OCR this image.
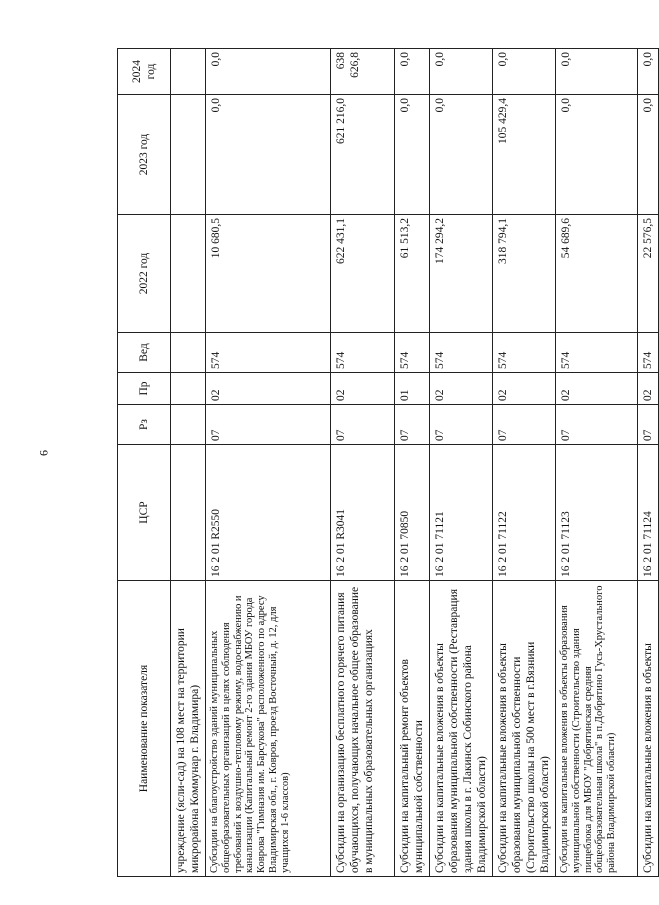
6
Наименование показателя	ЦСР	Рз	Пр	Вед	2022 год	2023 год	2024 год
учреждение (ясли-сад) на 108 мест на территории микрорайона Коммунар г. Владимира)							
Субсидии на благоустройство зданий муниципальных общеобразовательных организаций в целях соблюдения требований к воздушно-тепловому режиму, водоснабжению и канализации (Капитальный ремонт 2-го здания МБОУ города Коврова "Гимназия им. Барсукова" расположенного по адресу Владимирская обл., г. Ковров, проезд Восточный, д. 12, для учащихся 1-6 классов)	16 2 01 R2550	07	02	574	10 680,5	0,0	0,0
Субсидии на организацию бесплатного горячего питания обучающихся, получающих начальное общее образование в муниципальных образовательных организациях	16 2 01 R3041	07	02	574	622 431,1	621 216,0	638 626,8
Субсидии на капитальный ремонт объектов муниципальной собственности	16 2 01 70850	07	01	574	61 513,2	0,0	0,0
Субсидии на капитальные вложения в объекты образования муниципальной собственности (Реставрация здания школы в г. Лакинск Собинского района Владимирской области)	16 2 01 71121	07	02	574	174 294,2	0,0	0,0
Субсидии на капитальные вложения в объекты образования муниципальной собственности (Строительство школы на 500 мест в г.Вязники Владимирской области)	16 2 01 71122	07	02	574	318 794,1	105 429,4	0,0
Субсидии на капитальные вложения в объекты образования муниципальной собственности (Строительство здания пищеблока для МБОУ "Добрятинская средняя общеобразовательная школа" в п.Добрятино Гусь-Хрустального района Владимирской области)	16 2 01 71123	07	02	574	54 689,6	0,0	0,0
Субсидии на капитальные вложения в объекты	16 2 01 71124	07	02	574	22 576,5	0,0	0,0
